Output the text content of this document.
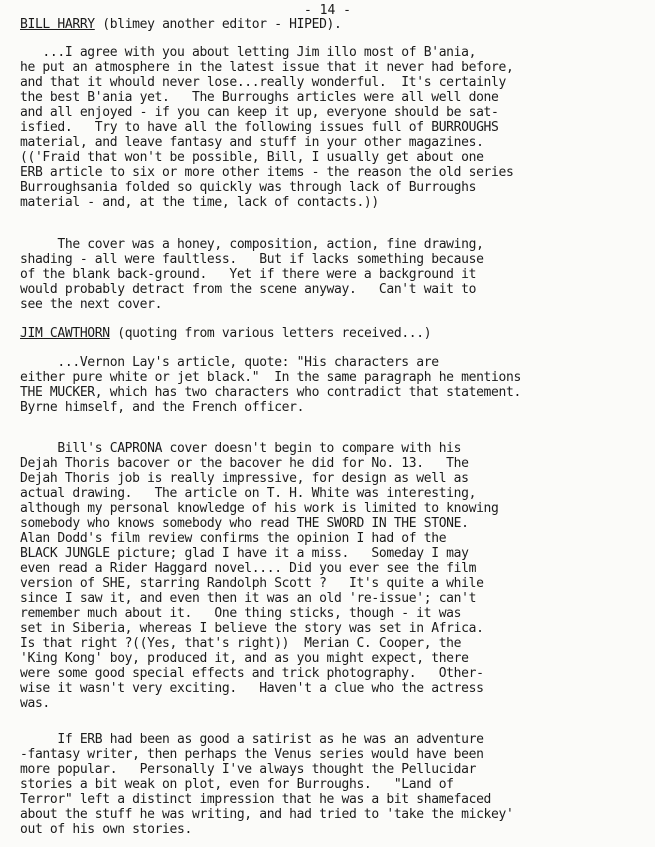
- 14 -
BILL HARRY (blimey another editor - HIPED).
...I agree with you about letting Jim illo most of B'ania,
he put an atmosphere in the latest issue that it never had before,
and that it whould never lose...really wonderful.  It's certainly
the best B'ania yet.   The Burroughs articles were all well done
and all enjoyed - if you can keep it up, everyone should be sat-
isfied.   Try to have all the following issues full of BURROUGHS
material, and leave fantasy and stuff in your other magazines.
(('Fraid that won't be possible, Bill, I usually get about one
ERB article to six or more other items - the reason the old series
Burroughsania folded so quickly was through lack of Burroughs
material - and, at the time, lack of contacts.))
The cover was a honey, composition, action, fine drawing,
shading - all were faultless.   But if lacks something because
of the blank back-ground.   Yet if there were a background it
would probably detract from the scene anyway.   Can't wait to
see the next cover.
JIM CAWTHORN (quoting from various letters received...)
...Vernon Lay's article, quote: "His characters are
either pure white or jet black."  In the same paragraph he mentions
THE MUCKER, which has two characters who contradict that statement.
Byrne himself, and the French officer.
Bill's CAPRONA cover doesn't begin to compare with his
Dejah Thoris bacover or the bacover he did for No. 13.   The
Dejah Thoris job is really impressive, for design as well as
actual drawing.   The article on T. H. White was interesting,
although my personal knowledge of his work is limited to knowing
somebody who knows somebody who read THE SWORD IN THE STONE.
Alan Dodd's film review confirms the opinion I had of the
BLACK JUNGLE picture; glad I have it a miss.   Someday I may
even read a Rider Haggard novel.... Did you ever see the film
version of SHE, starring Randolph Scott ?   It's quite a while
since I saw it, and even then it was an old 're-issue'; can't
remember much about it.   One thing sticks, though - it was
set in Siberia, whereas I believe the story was set in Africa.
Is that right ?((Yes, that's right))  Merian C. Cooper, the
'King Kong' boy, produced it, and as you might expect, there
were some good special effects and trick photography.   Other-
wise it wasn't very exciting.   Haven't a clue who the actress
was.
If ERB had been as good a satirist as he was an adventure
-fantasy writer, then perhaps the Venus series would have been
more popular.   Personally I've always thought the Pellucidar
stories a bit weak on plot, even for Burroughs.   "Land of
Terror" left a distinct impression that he was a bit shamefaced
about the stuff he was writing, and had tried to 'take the mickey'
out of his own stories.
